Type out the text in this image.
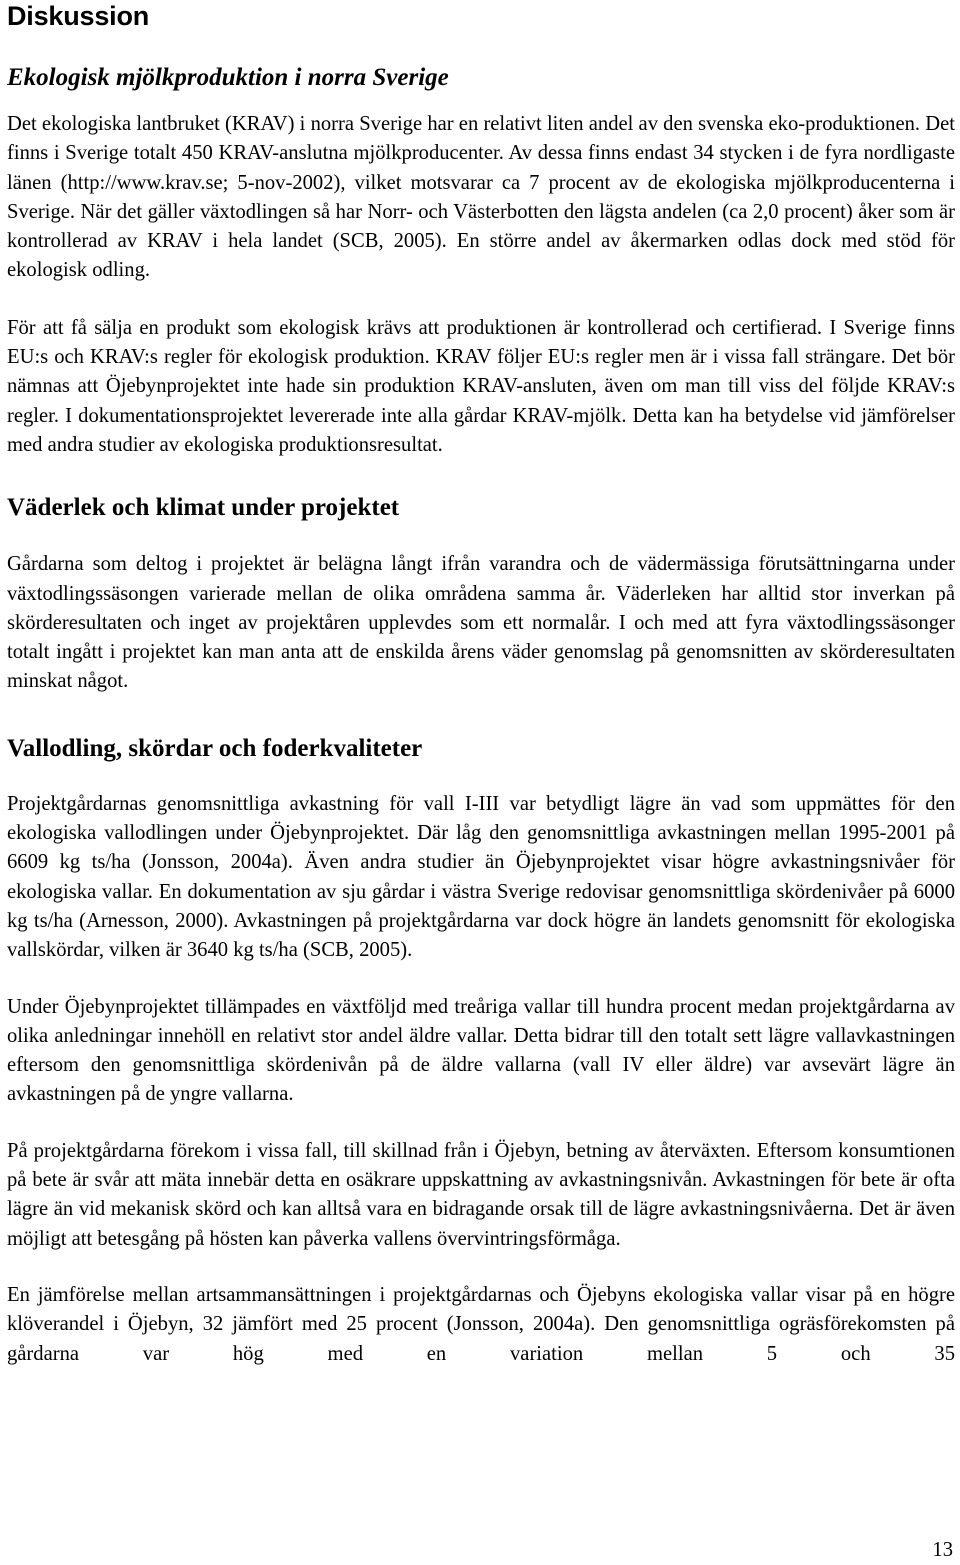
Diskussion
Ekologisk mjölkproduktion i norra Sverige

Det ekologiska lantbruket (KRAV) i norra Sverige har en relativt liten andel av den svenska eko-produktionen. Det finns i Sverige totalt 450 KRAV-anslutna mjölkproducenter. Av dessa finns endast 34 stycken i de fyra nordligaste länen (http://www.krav.se; 5-nov-2002), vilket motsvarar ca 7 procent av de ekologiska mjölkproducenterna i Sverige. När det gäller växtodlingen så har Norr- och Västerbotten den lägsta andelen (ca 2,0 procent) åker som är kontrollerad av KRAV i hela landet (SCB, 2005). En större andel av åkermarken odlas dock med stöd för ekologisk odling.

För att få sälja en produkt som ekologisk krävs att produktionen är kontrollerad och certifierad. I Sverige finns EU:s och KRAV:s regler för ekologisk produktion. KRAV följer EU:s regler men är i vissa fall strängare. Det bör nämnas att Öjebynprojektet inte hade sin produktion KRAV-ansluten, även om man till viss del följde KRAV:s regler. I dokumentationsprojektet levererade inte alla gårdar KRAV-mjölk. Detta kan ha betydelse vid jämförelser med andra studier av ekologiska produktionsresultat.

Väderlek och klimat under projektet

Gårdarna som deltog i projektet är belägna långt ifrån varandra och de vädermässiga förutsättningarna under växtodlingssäsongen varierade mellan de olika områdena samma år. Väderleken har alltid stor inverkan på skörderesultaten och inget av projektåren upplevdes som ett normalår. I och med att fyra växtodlingssäsonger totalt ingått i projektet kan man anta att de enskilda årens väder genomslag på genomsnitten av skörderesultaten minskat något.

Vallodling, skördar och foderkvaliteter

Projektgårdarnas genomsnittliga avkastning för vall I-III var betydligt lägre än vad som uppmättes för den ekologiska vallodlingen under Öjebynprojektet. Där låg den genomsnittliga avkastningen mellan 1995-2001 på 6609 kg ts/ha (Jonsson, 2004a). Även andra studier än Öjebynprojektet visar högre avkastningsnivåer för ekologiska vallar. En dokumentation av sju gårdar i västra Sverige redovisar genomsnittliga skördenivåer på 6000 kg ts/ha (Arnesson, 2000). Avkastningen på projektgårdarna var dock högre än landets genomsnitt för ekologiska vallskördar, vilken är 3640 kg ts/ha (SCB, 2005).

Under Öjebynprojektet tillämpades en växtföljd med treåriga vallar till hundra procent medan projektgårdarna av olika anledningar innehöll en relativt stor andel äldre vallar. Detta bidrar till den totalt sett lägre vallavkastningen eftersom den genomsnittliga skördenivån på de äldre vallarna (vall IV eller äldre) var avsevärt lägre än avkastningen på de yngre vallarna.

På projektgårdarna förekom i vissa fall, till skillnad från i Öjebyn, betning av återväxten. Eftersom konsumtionen på bete är svår att mäta innebär detta en osäkrare uppskattning av avkastningsnivån. Avkastningen för bete är ofta lägre än vid mekanisk skörd och kan alltså vara en bidragande orsak till de lägre avkastningsnivåerna. Det är även möjligt att betesgång på hösten kan påverka vallens övervintringsförmåga.

En jämförelse mellan artsammansättningen i projektgårdarnas och Öjebyns ekologiska vallar visar på en högre klöverandel i Öjebyn, 32 jämfört med 25 procent (Jonsson, 2004a). Den genomsnittliga ogräsförekomsten på gårdarna var hög med en variation mellan 5 och 35

13
